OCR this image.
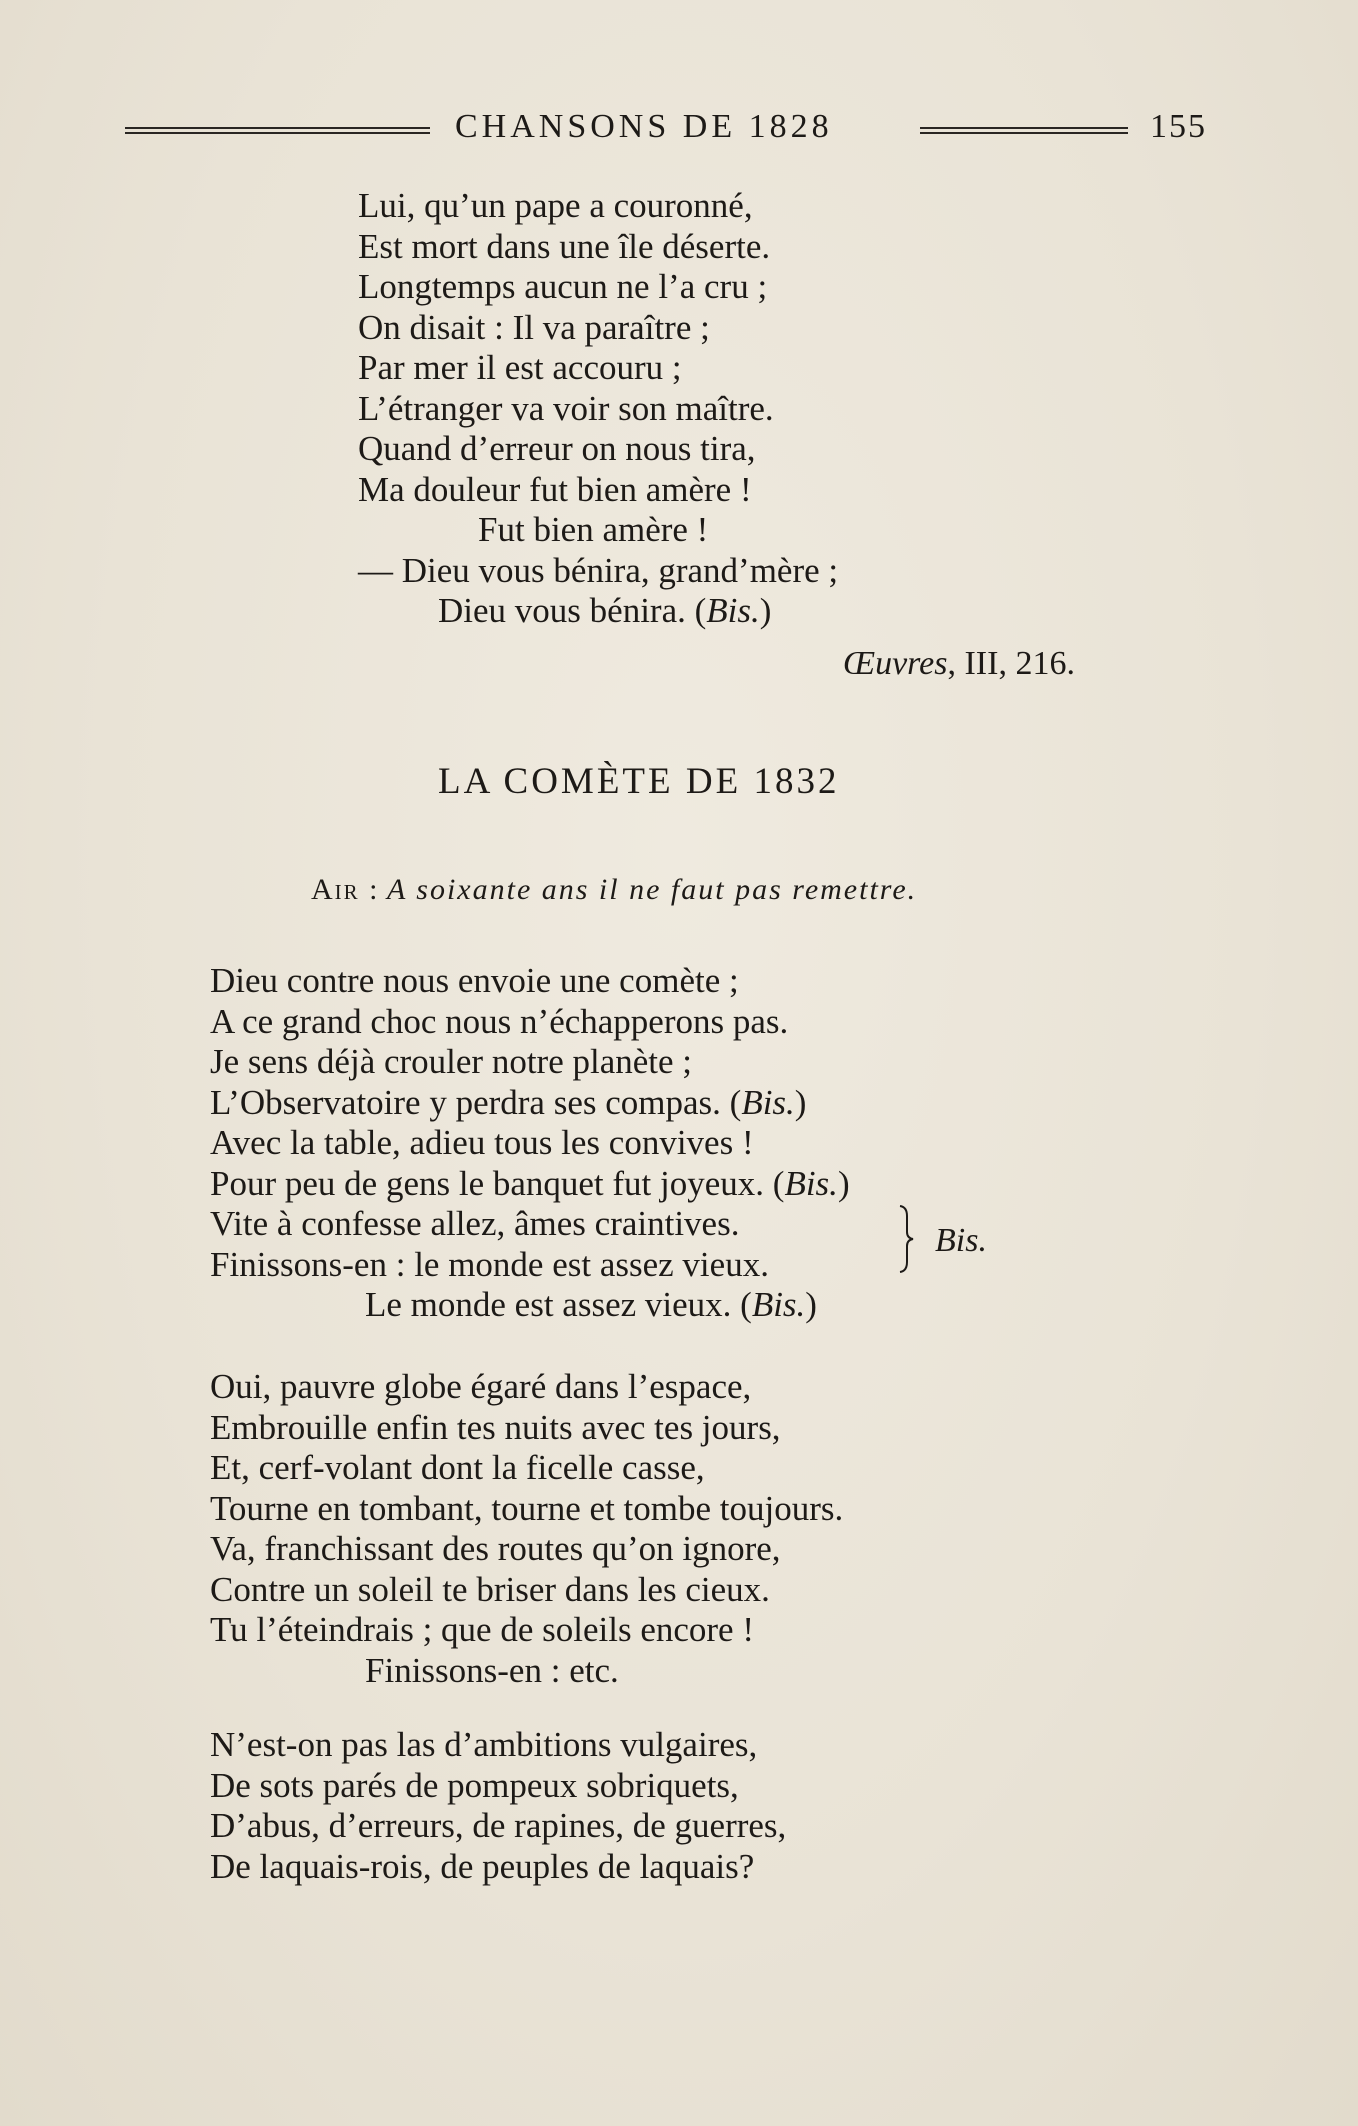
CHANSONS DE 1828	155
Lui, qu’un pape a couronné,
Est mort dans une île déserte.
Longtemps aucun ne l’a cru ;
On disait : Il va paraître ;
Par mer il est accouru ;
L’étranger va voir son maître.
Quand d’erreur on nous tira,
Ma douleur fut bien amère !
Fut bien amère !
— Dieu vous bénira, grand’mère ;
Dieu vous bénira. (Bis.)
Œuvres, III, 216.
LA COMÈTE DE 1832
Air : A soixante ans il ne faut pas remettre.
Dieu contre nous envoie une comète ;
A ce grand choc nous n’échapperons pas.
Je sens déjà crouler notre planète ;
L’Observatoire y perdra ses compas. (Bis.)
Avec la table, adieu tous les convives !
Pour peu de gens le banquet fut joyeux. (Bis.)
Vite à confesse allez, âmes craintives.
Finissons-en : le monde est assez vieux.
Le monde est assez vieux. (Bis.)
Bis.
Oui, pauvre globe égaré dans l’espace,
Embrouille enfin tes nuits avec tes jours,
Et, cerf-volant dont la ficelle casse,
Tourne en tombant, tourne et tombe toujours.
Va, franchissant des routes qu’on ignore,
Contre un soleil te briser dans les cieux.
Tu l’éteindrais ; que de soleils encore !
Finissons-en : etc.
N’est-on pas las d’ambitions vulgaires,
De sots parés de pompeux sobriquets,
D’abus, d’erreurs, de rapines, de guerres,
De laquais-rois, de peuples de laquais?
